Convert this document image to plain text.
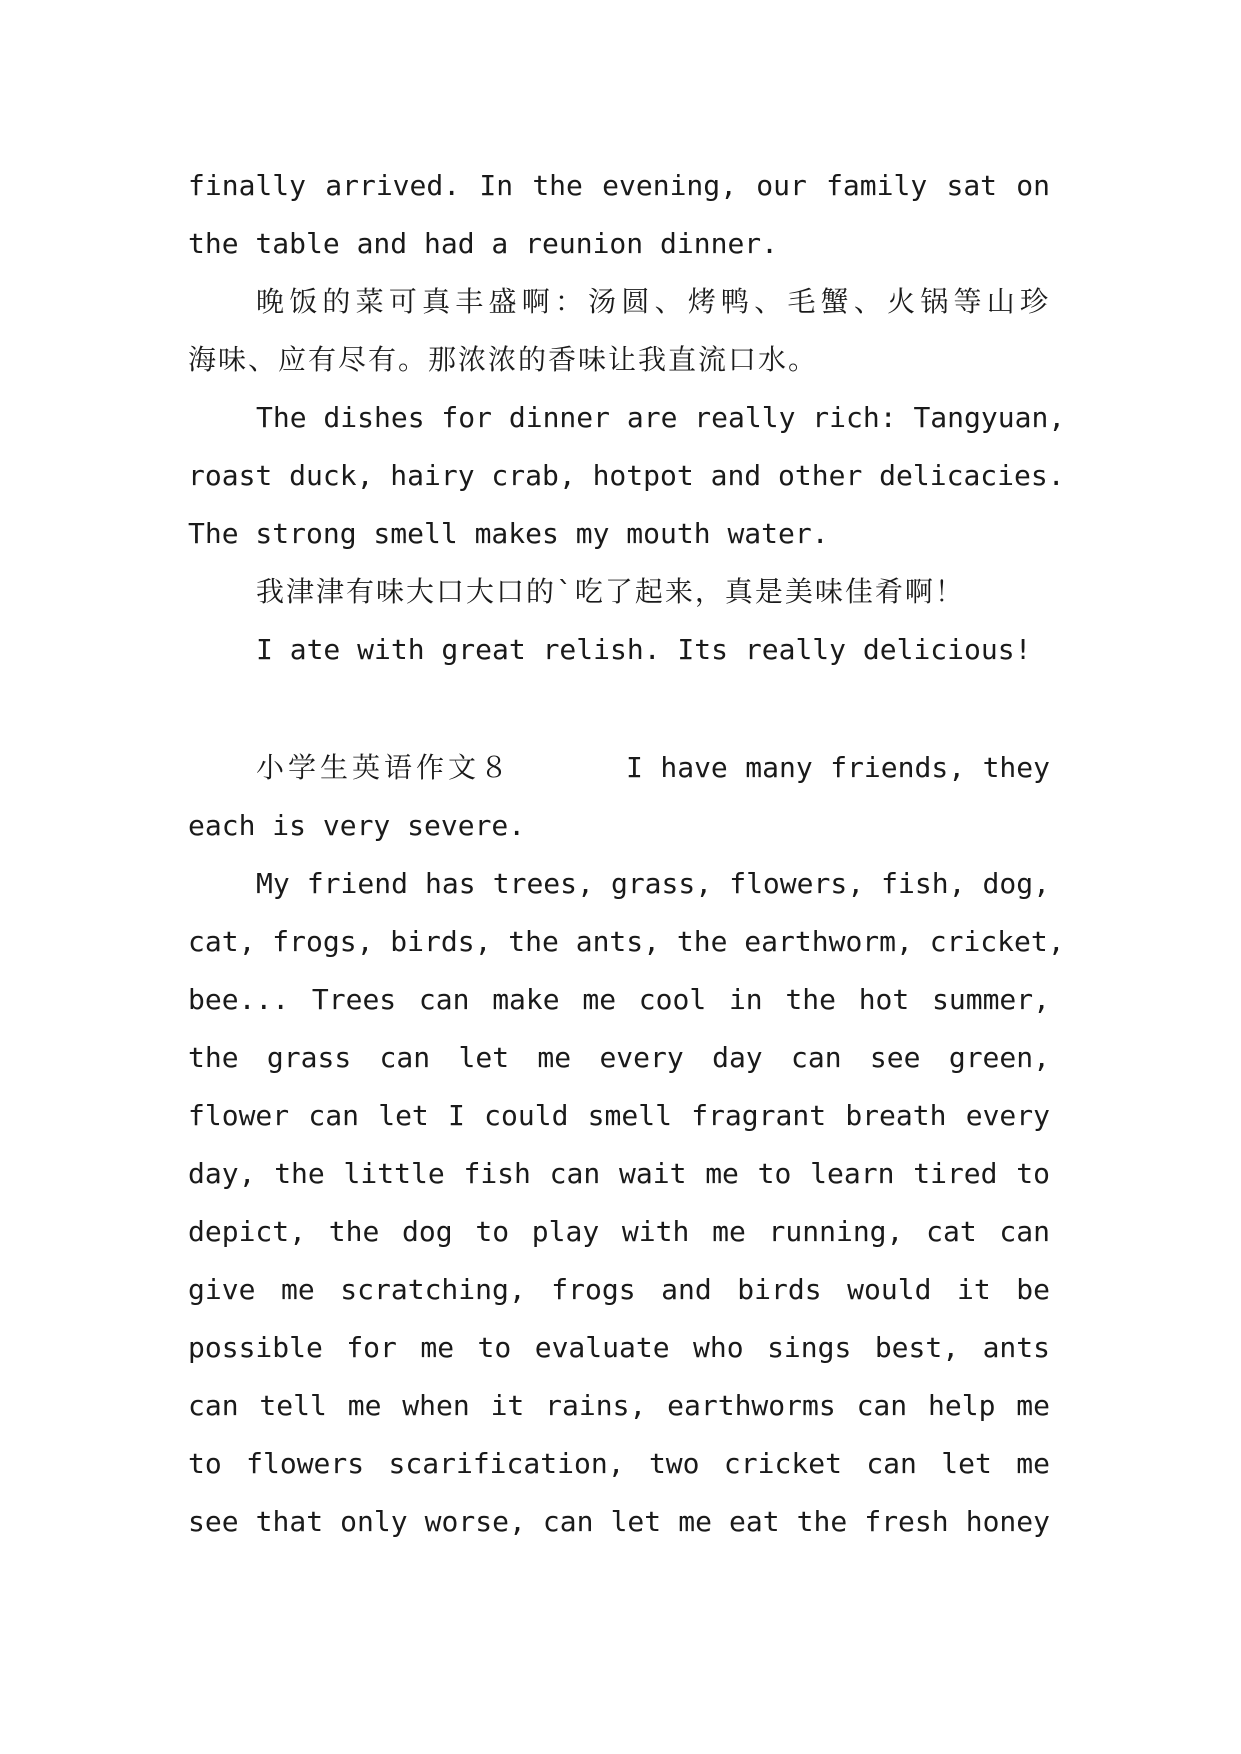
finally arrived. In the evening, our family sat on
the table and had a reunion dinner.
晚饭的菜可真丰盛啊：汤圆、烤鸭、毛蟹、火锅等山珍
海味、应有尽有。那浓浓的香味让我直流口水。
The dishes for dinner are really rich: Tangyuan,
roast duck, hairy crab, hotpot and other delicacies.
The strong smell makes my mouth water.
我津津有味大口大口的`吃了起来，真是美味佳肴啊！
I ate with great relish. Its really delicious!
小学生英语作文８	I have many friends, they
each is very severe.
My friend has trees, grass, flowers, fish, dog,
cat, frogs, birds, the ants, the earthworm, cricket,
bee... Trees can make me cool in the hot summer,
the grass can let me every day can see green,
flower can let I could smell fragrant breath every
day, the little fish can wait me to learn tired to
depict, the dog to play with me running, cat can
give me scratching, frogs and birds would it be
possible for me to evaluate who sings best, ants
can tell me when it rains, earthworms can help me
to flowers scarification, two cricket can let me
see that only worse, can let me eat the fresh honey
